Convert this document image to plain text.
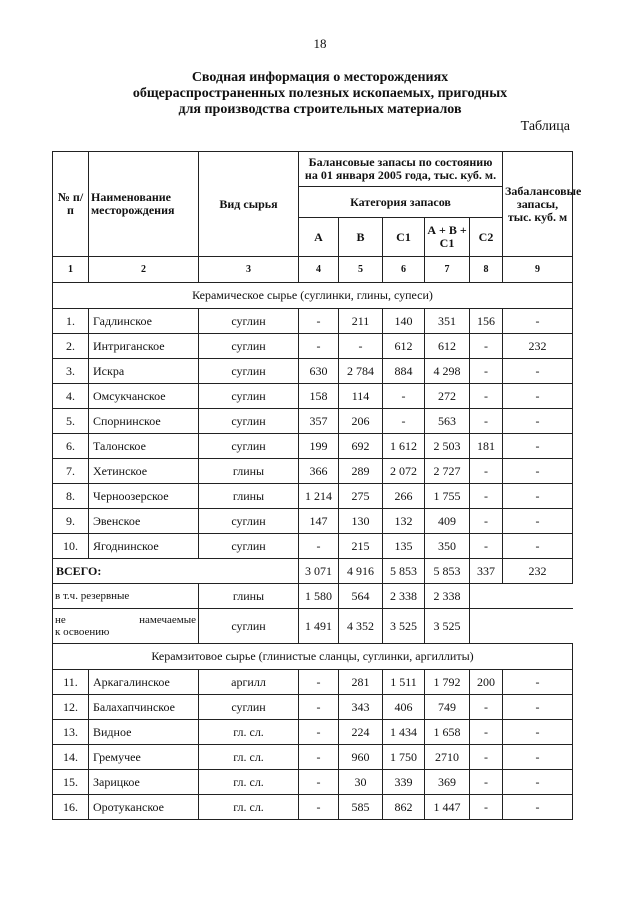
18
Сводная информация о месторождениях
общераспространенных полезных ископаемых, пригодных
для производства строительных материалов
Таблица
№ п/п	Наименование месторождения	Вид сырья	Балансовые запасы по состоянию на 01 января 2005 года, тыс. куб. м.					Забалансовые запасы, тыс. куб. м
			Категория запасов					
			А	В	С1	А + В + С1	С2	
1	2	3	4	5	6	7	8	9
Керамическое сырье (суглинки, глины, супеси)								
1.	Гадлинское	суглин	-	211	140	351	156	-
2.	Интриганское	суглин	-	-	612	612	-	232
3.	Искра	суглин	630	2 784	884	4 298	-	-
4.	Омсукчанское	суглин	158	114	-	272	-	-
5.	Спорнинское	суглин	357	206	-	563	-	-
6.	Талонское	суглин	199	692	1 612	2 503	181	-
7.	Хетинское	глины	366	289	2 072	2 727	-	-
8.	Черноозерское	глины	1 214	275	266	1 755	-	-
9.	Эвенское	суглин	147	130	132	409	-	-
10.	Ягоднинское	суглин	-	215	135	350	-	-
ВСЕГО:			3 071	4 916	5 853	5 853	337	232
в т.ч. резервные		глины	1 580	564	2 338	2 338		

не намечаемые
к освоению		суглин	1 491	4 352	3 525	3 525		
Керамзитовое сырье (глинистые сланцы, суглинки, аргиллиты)								
11.	Аркагалинское	аргилл	-	281	1 511	1 792	200	-
12.	Балахапчинское	суглин	-	343	406	749	-	-
13.	Видное	гл. сл.	-	224	1 434	1 658	-	-
14.	Гремучее	гл. сл.	-	960	1 750	2710	-	-
15.	Зарицкое	гл. сл.	-	30	339	369	-	-
16.	Оротуканское	гл. сл.	-	585	862	1 447	-	-
